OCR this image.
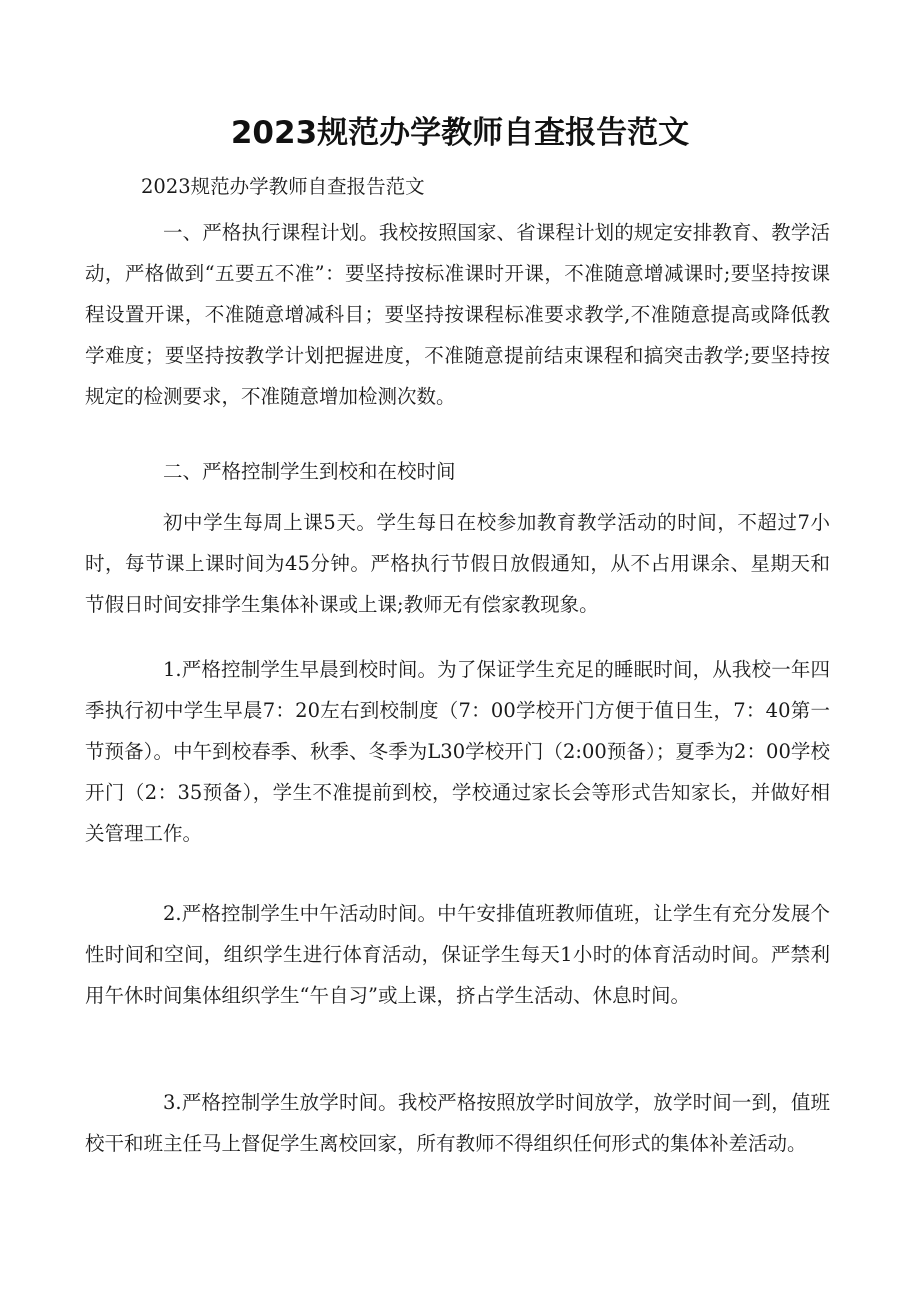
2023规范办学教师自查报告范文
2023规范办学教师自查报告范文

一、严格执行课程计划。我校按照国家、省课程计划的规定安排教育、教学活动，严格做到“五要五不准”：要坚持按标准课时开课，不准随意增减课时;要坚持按课程设置开课，不准随意增减科目；要坚持按课程标准要求教学,不准随意提高或降低教学难度；要坚持按教学计划把握进度，不准随意提前结束课程和搞突击教学;要坚持按规定的检测要求，不准随意增加检测次数。

二、严格控制学生到校和在校时间

初中学生每周上课5天。学生每日在校参加教育教学活动的时间，不超过7小时，每节课上课时间为45分钟。严格执行节假日放假通知，从不占用课余、星期天和节假日时间安排学生集体补课或上课;教师无有偿家教现象。

1.严格控制学生早晨到校时间。为了保证学生充足的睡眠时间，从我校一年四季执行初中学生早晨7：20左右到校制度（7：00学校开门方便于值日生，7：40第一节预备）。中午到校春季、秋季、冬季为L30学校开门（2:00预备）；夏季为2：00学校开门（2：35预备），学生不准提前到校，学校通过家长会等形式告知家长，并做好相关管理工作。

2.严格控制学生中午活动时间。中午安排值班教师值班，让学生有充分发展个性时间和空间，组织学生进行体育活动，保证学生每天1小时的体育活动时间。严禁利用午休时间集体组织学生“午自习”或上课，挤占学生活动、休息时间。

3.严格控制学生放学时间。我校严格按照放学时间放学，放学时间一到，值班校干和班主任马上督促学生离校回家，所有教师不得组织任何形式的集体补差活动。
